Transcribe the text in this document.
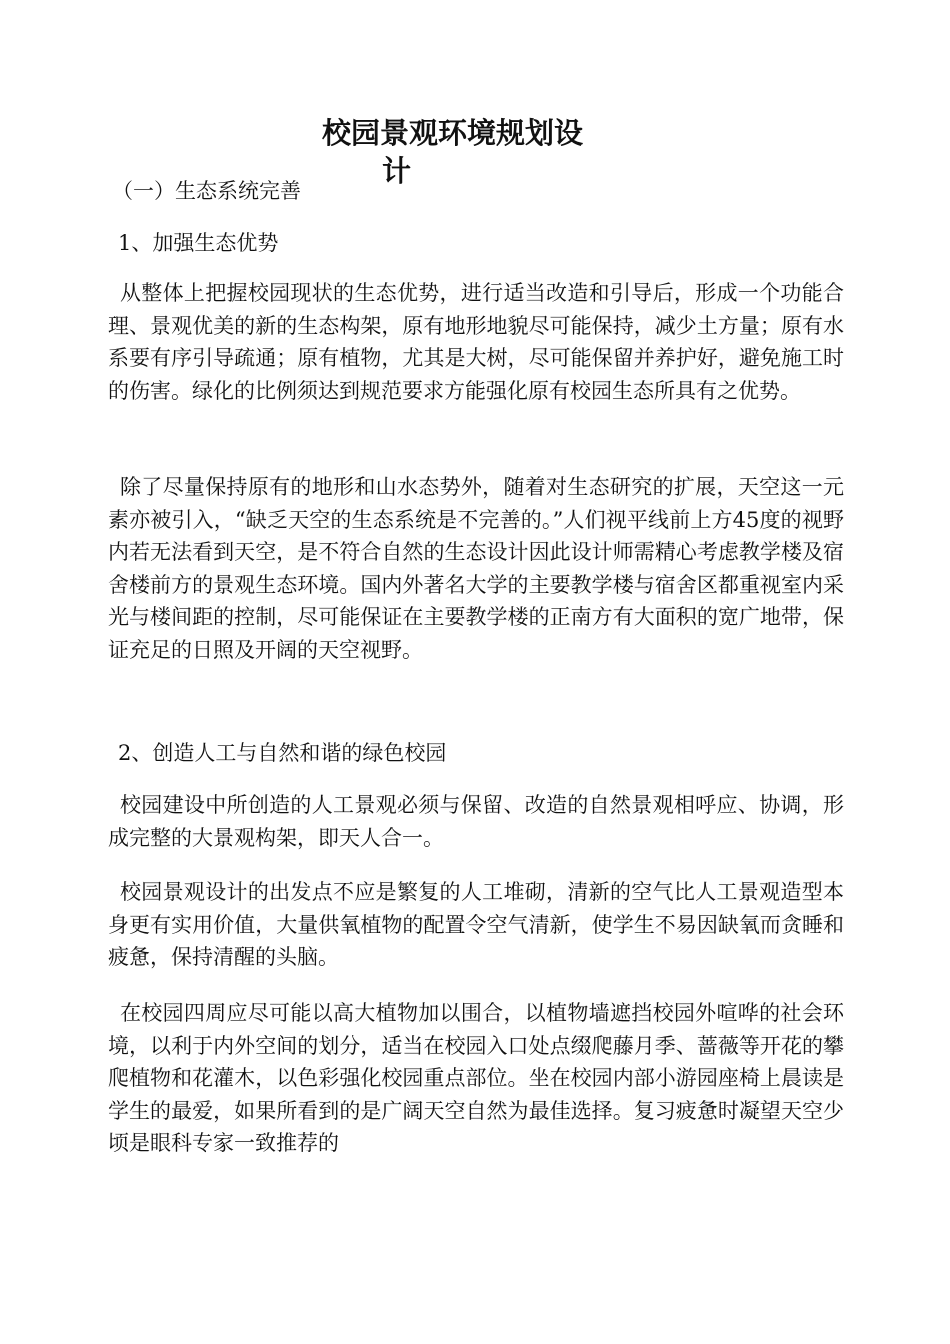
校园景观环境规划设
计
（一）生态系统完善
1、加强生态优势
从整体上把握校园现状的生态优势，进行适当改造和引导后，形成一个功能合理、景观优美的新的生态构架，原有地形地貌尽可能保持，减少土方量；原有水系要有序引导疏通；原有植物，尤其是大树，尽可能保留并养护好，避免施工时的伤害。绿化的比例须达到规范要求方能强化原有校园生态所具有之优势。
除了尽量保持原有的地形和山水态势外，随着对生态研究的扩展，天空这一元素亦被引入，“缺乏天空的生态系统是不完善的。”人们视平线前上方45度的视野内若无法看到天空，是不符合自然的生态设计因此设计师需精心考虑教学楼及宿舍楼前方的景观生态环境。国内外著名大学的主要教学楼与宿舍区都重视室内采光与楼间距的控制，尽可能保证在主要教学楼的正南方有大面积的宽广地带，保证充足的日照及开阔的天空视野。
2、创造人工与自然和谐的绿色校园
校园建设中所创造的人工景观必须与保留、改造的自然景观相呼应、协调，形成完整的大景观构架，即天人合一。
校园景观设计的出发点不应是繁复的人工堆砌，清新的空气比人工景观造型本身更有实用价值，大量供氧植物的配置令空气清新，使学生不易因缺氧而贪睡和疲惫，保持清醒的头脑。
在校园四周应尽可能以高大植物加以围合，以植物墙遮挡校园外喧哗的社会环境，以利于内外空间的划分，适当在校园入口处点缀爬藤月季、蔷薇等开花的攀爬植物和花灌木，以色彩强化校园重点部位。坐在校园内部小游园座椅上晨读是学生的最爱，如果所看到的是广阔天空自然为最佳选择。复习疲惫时凝望天空少顷是眼科专家一致推荐的
